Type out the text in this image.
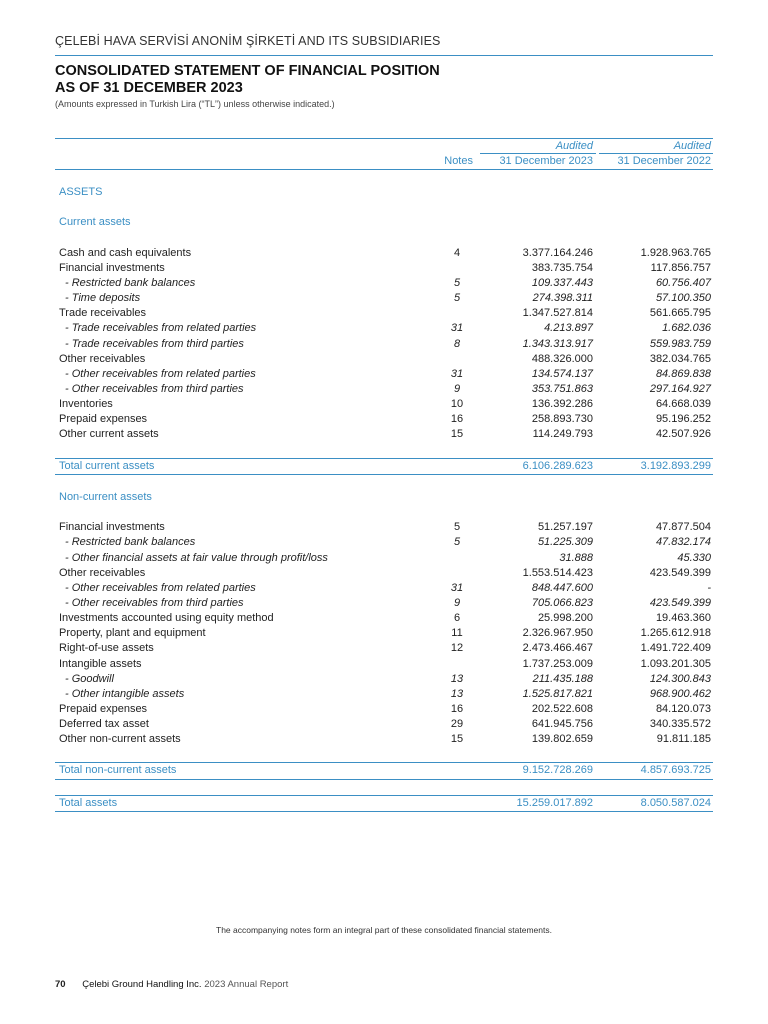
ÇELEBİ HAVA SERVİSİ ANONİM ŞİRKETİ AND ITS SUBSIDIARIES
CONSOLIDATED STATEMENT OF FINANCIAL POSITION
AS OF 31 DECEMBER 2023
(Amounts expressed in Turkish Lira (“TL”) unless otherwise indicated.)
Audited	Audited
Notes 31 December 2023 31 December 2022
ASSETS
Current assets
Cash and cash equivalents	4	3.377.164.246	1.928.963.765
Financial investments	383.735.754	117.856.757
- Restricted bank balances	5	109.337.443	60.756.407
- Time deposits	5	274.398.311	57.100.350
Trade receivables	1.347.527.814	561.665.795
- Trade receivables from related parties	31	4.213.897	1.682.036
- Trade receivables from third parties	8	1.343.313.917	559.983.759
Other receivables	488.326.000	382.034.765
- Other receivables from related parties	31	134.574.137	84.869.838
- Other receivables from third parties	9	353.751.863	297.164.927
Inventories	10	136.392.286	64.668.039
Prepaid expenses	16	258.893.730	95.196.252
Other current assets	15	114.249.793	42.507.926
Total current assets	6.106.289.623	3.192.893.299
Non-current assets
Financial investments	5	51.257.197	47.877.504
- Restricted bank balances	5	51.225.309	47.832.174
- Other financial assets at fair value through profit/loss	31.888	45.330
Other receivables	1.553.514.423	423.549.399
- Other receivables from related parties	31	848.447.600	-
- Other receivables from third parties	9	705.066.823	423.549.399
Investments accounted using equity method	6	25.998.200	19.463.360
Property, plant and equipment	11	2.326.967.950	1.265.612.918
Right-of-use assets	12	2.473.466.467	1.491.722.409
Intangible assets	1.737.253.009	1.093.201.305
- Goodwill	13	211.435.188	124.300.843
- Other intangible assets	13	1.525.817.821	968.900.462
Prepaid expenses	16	202.522.608	84.120.073
Deferred tax asset	29	641.945.756	340.335.572
Other non-current assets	15	139.802.659	91.811.185
Total non-current assets	9.152.728.269	4.857.693.725
Total assets	15.259.017.892	8.050.587.024
The accompanying notes form an integral part of these consolidated financial statements.
70 Çelebi Ground Handling Inc. 2023 Annual Report
